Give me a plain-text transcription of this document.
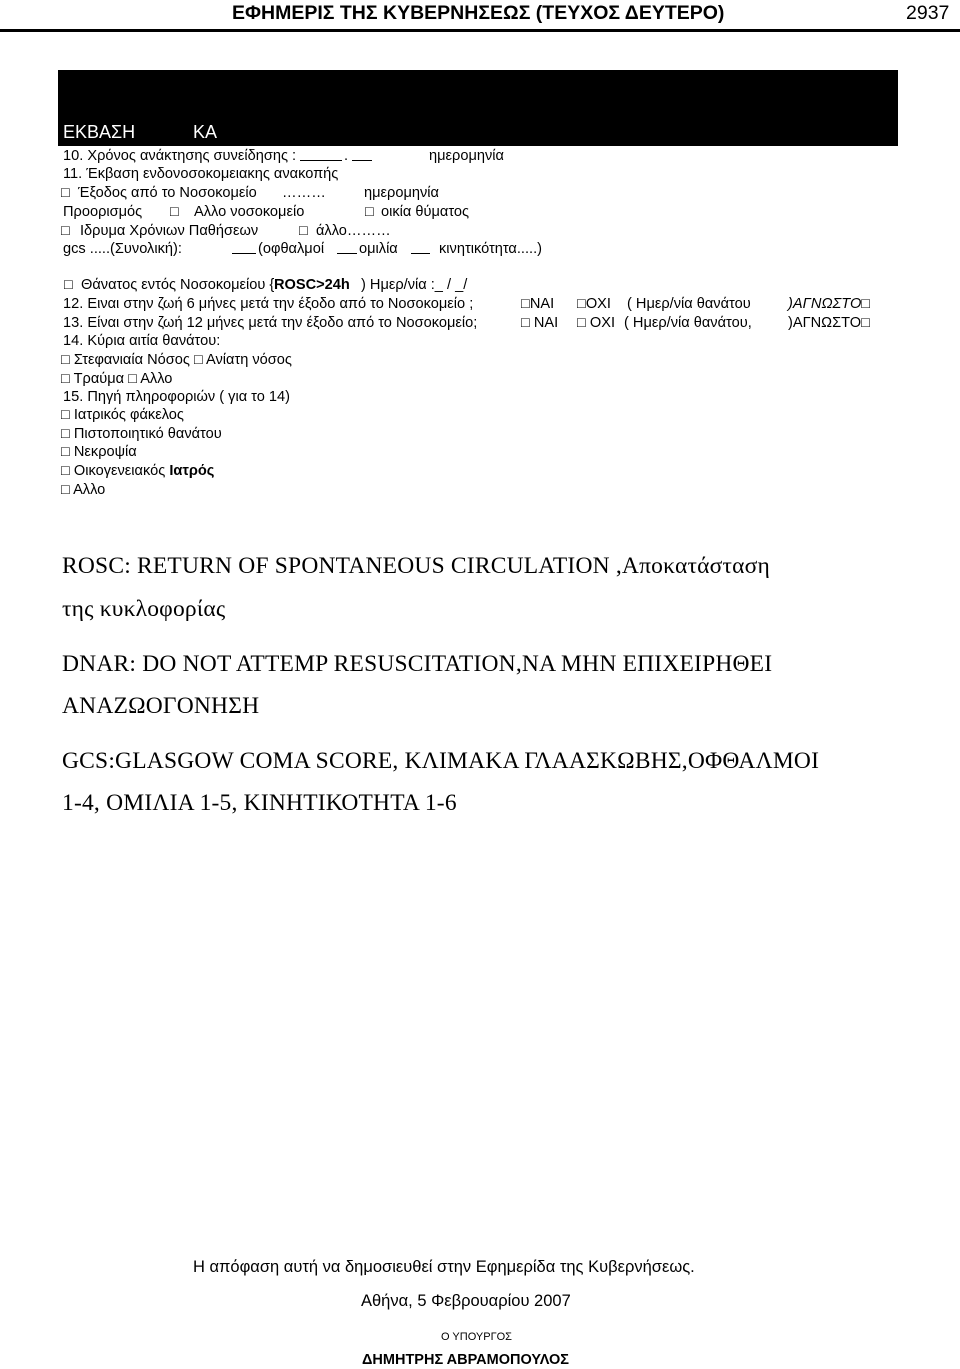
ΕΦΗΜΕΡΙΣ ΤΗΣ ΚΥΒΕΡΝΗΣΕΩΣ (ΤΕΥΧΟΣ ΔΕΥΤΕΡΟ)	2937
ΕΚΒΑΣΗ	ΚΑ
10. Χρόνος ανάκτησης συνείδησης :	.	ημερομηνία
11. Έκβαση ενδονοσοκομειακης ανακοπής
□ Έξοδος από το Νοσοκομείο ………	ημερομηνία
Προορισμός □ Αλλο νοσοκομείο	□ οικία θύματος
□ Ιδρυμα Χρόνιων Παθήσεων	□ άλλο………
gcs .....(Συνολική):	(οφθαλμοί ομιλία	κινητικότητα.....)
□ Θάνατος εντός Νοσοκομείου { ROSC>24h ) Ημερ/νία :_ / _/
12. Eιναι στην ζωή 6 μήνες μετά την έξοδο από το Νοσοκομείο ;	□ΝΑΙ □ΟΧΙ ( Ημερ/νία θανάτου	)ΑΓΝΩΣΤΟ□
13. Είναι στην ζωή 12 μήνες μετά την έξοδο από το Νοσοκομείο;	□ ΝΑΙ □ ΟΧΙ ( Ημερ/νία θανάτου, )ΑΓΝΩΣΤΟ□
14. Κύρια αιτία θανάτου:
□ Στεφανιαία Νόσος □ Ανίατη νόσος
□ Τραύμα □ Αλλο
15. Πηγή πληροφοριών ( για το 14)
□ Ιατρικός φάκελος
□ Πιστοποιητικό θανάτου
□ Νεκροψία
□ Οικογενειακός Ιατρός
□ Αλλο
ROSC: RETURN OF SPONTANEOUS CIRCULATION ,Αποκατάσταση
της κυκλοφορίας
DNAR: DO NOT ATTEMP RESUSCITATION,ΝΑ ΜΗΝ ΕΠΙΧΕΙΡΗΘΕΙ
ΑΝΑΖΩΟΓΟΝΗΣΗ
GCS:GLASGOW COMA SCORE, ΚΛΙΜΑΚΑ ΓΛΑΑΣΚΩΒΗΣ,ΟΦΘΑΛΜΟΙ
1-4, ΟΜΙΛΙΑ 1-5, ΚΙΝΗΤΙΚΟΤΗΤΑ 1-6
Η απόφαση αυτή να δημοσιευθεί στην Εφημερίδα της Κυβερνήσεως.
Αθήνα, 5 Φεβρουαρίου 2007
Ο ΥΠΟΥΡΓΟΣ
ΔΗΜΗΤΡΗΣ ΑΒΡΑΜΟΠΟΥΛΟΣ
